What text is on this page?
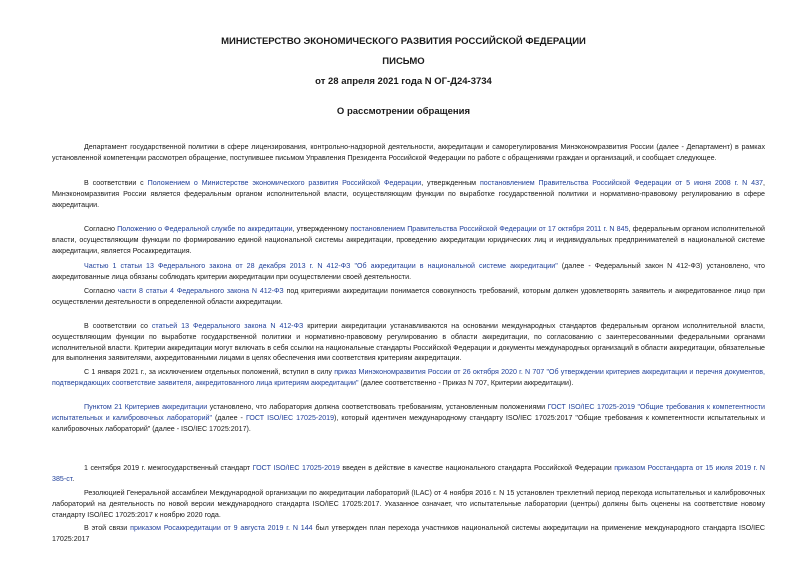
МИНИСТЕРСТВО ЭКОНОМИЧЕСКОГО РАЗВИТИЯ РОССИЙСКОЙ ФЕДЕРАЦИИ
ПИСЬМО
от 28 апреля 2021 года N ОГ-Д24-3734
О рассмотрении обращения

Департамент государственной политики в сфере лицензирования, контрольно-надзорной деятельности, аккредитации и саморегулирования Минэкономразвития России (далее - Департамент) в рамках установленной компетенции рассмотрел обращение, поступившее письмом Управления Президента Российской Федерации по работе с обращениями граждан и организаций, и сообщает следующее.

В соответствии с Положением о Министерстве экономического развития Российской Федерации, утвержденным постановлением Правительства Российской Федерации от 5 июня 2008 г. N 437, Минэкономразвития России является федеральным органом исполнительной власти, осуществляющим функции по выработке государственной политики и нормативно-правовому регулированию в сфере аккредитации.

Согласно Положению о Федеральной службе по аккредитации, утвержденному постановлением Правительства Российской Федерации от 17 октября 2011 г. N 845, федеральным органом исполнительной власти, осуществляющим функции по формированию единой национальной системы аккредитации, проведению аккредитации юридических лиц и индивидуальных предпринимателей в национальной системе аккредитации, является Росаккредитация.

Частью 1 статьи 13 Федерального закона от 28 декабря 2013 г. N 412-ФЗ "Об аккредитации в национальной системе аккредитации" (далее - Федеральный закон N 412-ФЗ) установлено, что аккредитованные лица обязаны соблюдать критерии аккредитации при осуществлении своей деятельности.

Согласно части 8 статьи 4 Федерального закона N 412-ФЗ под критериями аккредитации понимается совокупность требований, которым должен удовлетворять заявитель и аккредитованное лицо при осуществлении деятельности в определенной области аккредитации.

В соответствии со статьей 13 Федерального закона N 412-ФЗ критерии аккредитации устанавливаются на основании международных стандартов федеральным органом исполнительной власти, осуществляющим функции по выработке государственной политики и нормативно-правовому регулированию в области аккредитации, по согласованию с заинтересованными федеральными органами исполнительной власти. Критерии аккредитации могут включать в себя ссылки на национальные стандарты Российской Федерации и документы международных организаций в области аккредитации, обязательные для выполнения заявителями, аккредитованными лицами в целях обеспечения ими соответствия критериям аккредитации.

С 1 января 2021 г., за исключением отдельных положений, вступил в силу приказ Минэкономразвития России от 26 октября 2020 г. N 707 "Об утверждении критериев аккредитации и перечня документов, подтверждающих соответствие заявителя, аккредитованного лица критериям аккредитации" (далее соответственно - Приказ N 707, Критерии аккредитации).

Пунктом 21 Критериев аккредитации установлено, что лаборатория должна соответствовать требованиям, установленным положениями ГОСТ ISO/IEC 17025-2019 "Общие требования к компетентности испытательных и калибровочных лабораторий" (далее - ГОСТ ISO/IEC 17025-2019), который идентичен международному стандарту ISO/IEC 17025:2017 "Общие требования к компетентности испытательных и калибровочных лабораторий" (далее - ISO/IEC 17025:2017).

1 сентября 2019 г. межгосударственный стандарт ГОСТ ISO/IEC 17025-2019 введен в действие в качестве национального стандарта Российской Федерации приказом Росстандарта от 15 июля 2019 г. N 385-ст.

Резолюцией Генеральной ассамблеи Международной организации по аккредитации лабораторий (ILAC) от 4 ноября 2016 г. N 15 установлен трехлетний период перехода испытательных и калибровочных лабораторий на деятельность по новой версии международного стандарта ISO/IEC 17025:2017. Указанное означает, что испытательные лаборатории (центры) должны быть оценены на соответствие новому стандарту ISO/IEC 17025:2017 к ноябрю 2020 года.

В этой связи приказом Росаккредитации от 9 августа 2019 г. N 144 был утвержден план перехода участников национальной системы аккредитации на применение международного стандарта ISO/IEC 17025:2017
